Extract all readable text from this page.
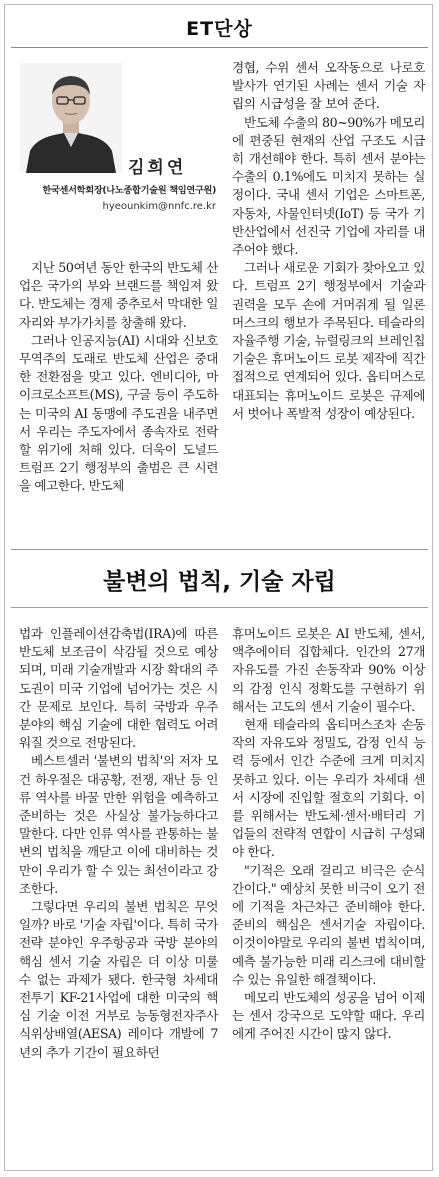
ET단상
김희연
한국센서학회장(나노종합기술원 책임연구원)
hyeounkim@nnfc.re.kr

지난 50여년 동안 한국의 반도체 산업은 국가의 부와 브랜드를 책임져 왔다. 반도체는 경제 중추로서 막대한 일자리와 부가가치를 창출해 왔다.

그러나 인공지능(AI) 시대와 신보호무역주의 도래로 반도체 산업은 중대한 전환점을 맞고 있다. 엔비디아, 마이크로소프트(MS), 구글 등이 주도하는 미국의 AI 동맹에 주도권을 내주면서 우리는 주도자에서 종속자로 전락할 위기에 처해 있다. 더욱이 도널드 트럼프 2기 행정부의 출범은 큰 시련을 예고한다. 반도체

경협, 수위 센서 오작동으로 나로호 발사가 연기된 사례는 센서 기술 자립의 시급성을 잘 보여 준다.

반도체 수출의 80~90%가 메모리에 편중된 현재의 산업 구조도 시급히 개선해야 한다. 특히 센서 분야는 수출의 0.1%에도 미치지 못하는 실정이다. 국내 센서 기업은 스마트폰, 자동차, 사물인터넷(IoT) 등 국가 기반산업에서 선진국 기업에 자리를 내주어야 했다.

그러나 새로운 기회가 찾아오고 있다. 트럼프 2기 행정부에서 기술과 권력을 모두 손에 거머쥐게 될 일론 머스크의 행보가 주목된다. 테슬라의 자율주행 기술, 뉴럴링크의 브레인칩 기술은 휴머노이드 로봇 제작에 직간접적으로 연계되어 있다. 옵티머스로 대표되는 휴머노이드 로봇은 규제에서 벗어나 폭발적 성장이 예상된다.

불변의 법칙, 기술 자립

법과 인플레이션감축법(IRA)에 따른 반도체 보조금이 삭감될 것으로 예상되며, 미래 기술개발과 시장 확대의 주도권이 미국 기업에 넘어가는 것은 시간 문제로 보인다. 특히 국방과 우주 분야의 핵심 기술에 대한 협력도 어려워질 것으로 전망된다.

베스트셀러 '불변의 법칙'의 저자 모건 하우절은 대공황, 전쟁, 재난 등 인류 역사를 바꿀 만한 위험을 예측하고 준비하는 것은 사실상 불가능하다고 말한다. 다만 인류 역사를 관통하는 불변의 법칙을 깨닫고 이에 대비하는 것만이 우리가 할 수 있는 최선이라고 강조한다.

그렇다면 우리의 불변 법칙은 무엇일까? 바로 '기술 자립'이다. 특히 국가전략 분야인 우주항공과 국방 분야의 핵심 센서 기술 자립은 더 이상 미룰 수 없는 과제가 됐다. 한국형 차세대 전투기 KF-21사업에 대한 미국의 핵심 기술 이전 거부로 능동형전자주사식위상배열(AESA) 레이다 개발에 7년의 추가 기간이 필요하던

휴머노이드 로봇은 AI 반도체, 센서, 액추에이터 집합체다. 인간의 27개 자유도를 가진 손동작과 90% 이상의 감정 인식 정확도를 구현하기 위해서는 고도의 센서 기술이 필수다.

현재 테슬라의 옵티머스조차 손동작의 자유도와 정밀도, 감정 인식 능력 등에서 인간 수준에 크게 미치지 못하고 있다. 이는 우리가 차세대 센서 시장에 진입할 절호의 기회다. 이를 위해서는 반도체·센서·배터리 기업들의 전략적 연합이 시급히 구성돼야 한다.

"기적은 오래 걸리고 비극은 순식간이다." 예상치 못한 비극이 오기 전에 기적을 차근차근 준비해야 한다. 준비의 핵심은 센서기술 자립이다. 이것이야말로 우리의 불변 법칙이며, 예측 불가능한 미래 리스크에 대비할 수 있는 유일한 해결책이다.

메모리 반도체의 성공을 넘어 이제는 센서 강국으로 도약할 때다. 우리에게 주어진 시간이 많지 않다.
